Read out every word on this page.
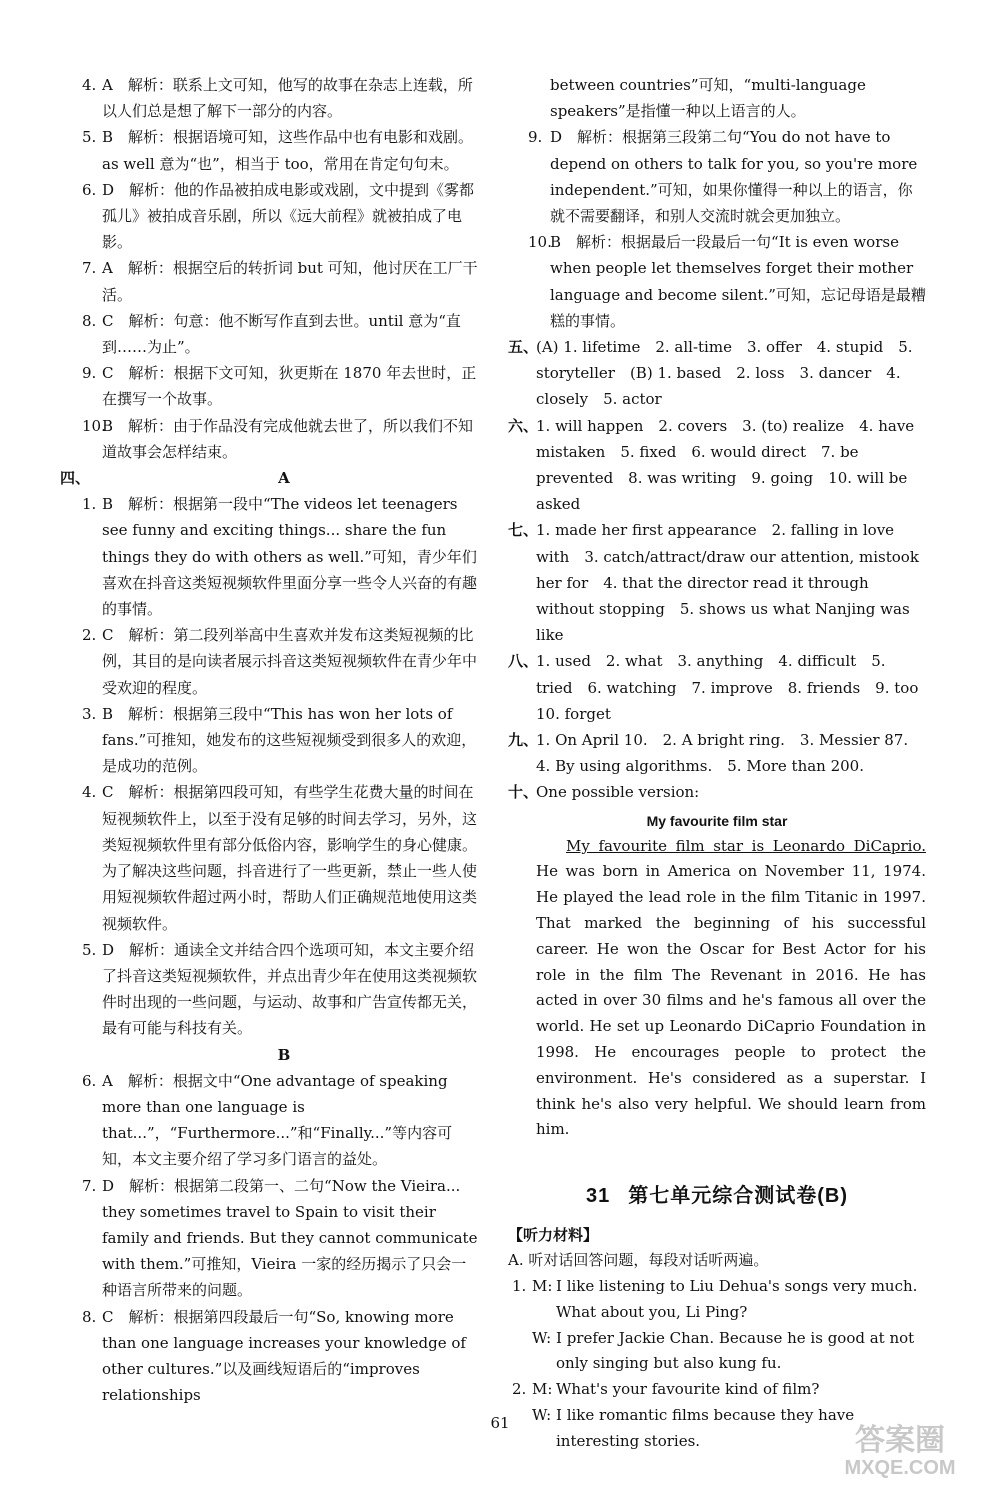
4. A　解析：联系上文可知，他写的故事在杂志上连载，所以人们总是想了解下一部分的内容。

5. B　解析：根据语境可知，这些作品中也有电影和戏剧。as well 意为“也”，相当于 too，常用在肯定句句末。

6. D　解析：他的作品被拍成电影或戏剧，文中提到《雾都孤儿》被拍成音乐剧，所以《远大前程》就被拍成了电影。

7. A　解析：根据空后的转折词 but 可知，他讨厌在工厂干活。

8. C　解析：句意：他不断写作直到去世。until 意为“直到……为止”。

9. C　解析：根据下文可知，狄更斯在 1870 年去世时，正在撰写一个故事。

10.
B　解析：由于作品没有完成他就去世了，所以我们不知道故事会怎样结束。

四、	A

1. B　解析：根据第一段中“The videos let teenagers see funny and exciting things... share the fun things they do with others as well.”可知，青少年们喜欢在抖音这类短视频软件里面分享一些令人兴奋的有趣的事情。

2. C　解析：第二段列举高中生喜欢并发布这类短视频的比例，其目的是向读者展示抖音这类短视频软件在青少年中受欢迎的程度。

3. B　解析：根据第三段中“This has won her lots of fans.”可推知，她发布的这些短视频受到很多人的欢迎，是成功的范例。

4. C　解析：根据第四段可知，有些学生花费大量的时间在短视频软件上，以至于没有足够的时间去学习，另外，这类短视频软件里有部分低俗内容，影响学生的身心健康。为了解决这些问题，抖音进行了一些更新，禁止一些人使用短视频软件超过两小时，帮助人们正确规范地使用这类视频软件。

5. D　解析：通读全文并结合四个选项可知，本文主要介绍了抖音这类短视频软件，并点出青少年在使用这类视频软件时出现的一些问题，与运动、故事和广告宣传都无关，最有可能与科技有关。

B

6. A　解析：根据文中“One advantage of speaking more than one language is that...”，“Furthermore...”和“Finally...”等内容可知，本文主要介绍了学习多门语言的益处。

7. D　解析：根据第二段第一、二句“Now the Vieira... they sometimes travel to Spain to visit their family and friends. But they cannot communicate with them.”可推知，Vieira 一家的经历揭示了只会一种语言所带来的问题。

8. C　解析：根据第四段最后一句“So, knowing more than one language increases your knowledge of other cultures.”以及画线短语后的“improves relationships

between countries”可知，“multi-language speakers”是指懂一种以上语言的人。

9. D　解析：根据第三段第二句“You do not have to depend on others to talk for you, so you're more independent.”可知，如果你懂得一种以上的语言，你就不需要翻译，和别人交流时就会更加独立。

10.
B　解析：根据最后一段最后一句“It is even worse when people let themselves forget their mother language and become silent.”可知，忘记母语是最糟糕的事情。

五、
(A) 1. lifetime　2. all-time　3. offer　4. stupid　5. storyteller　(B) 1. based　2. loss　3. dancer　4. closely　5. actor

六、
1. will happen　2. covers　3. (to) realize　4. have mistaken　5. fixed　6. would direct　7. be prevented　8. was writing　9. going　10. will be asked

七、
1. made her first appearance　2. falling in love with　3. catch/attract/draw our attention, mistook her for　4. that the director read it through without stopping　5. shows us what Nanjing was like

八、
1. used　2. what　3. anything　4. difficult　5. tried　6. watching　7. improve　8. friends　9. too　10. forget

九、
1. On April 10.　2. A bright ring.　3. Messier 87.　4. By using algorithms.　5. More than 200.

十、
One possible version:

My favourite film star

My favourite film star is Leonardo DiCaprio. He was born in America on November 11, 1974. He played the lead role in the film Titanic in 1997. That marked the beginning of his successful career. He won the Oscar for Best Actor for his role in the film The Revenant in 2016. He has acted in over 30 films and he's famous all over the world. He set up Leonardo DiCaprio Foundation in 1998. He encourages people to protect the environment. He's considered as a superstar. I think he's also very helpful. We should learn from him.

31 第七单元综合测试卷(B)

【听力材料】

A. 听对话回答问题，每段对话听两遍。

1. M: I like listening to Liu Dehua's songs very much. What about you, Li Ping?

W: I prefer Jackie Chan. Because he is good at not only singing but also kung fu.

2. M: What's your favourite kind of film?

W: I like romantic films because they have interesting stories.

61
答案圈
MXQE.COM
